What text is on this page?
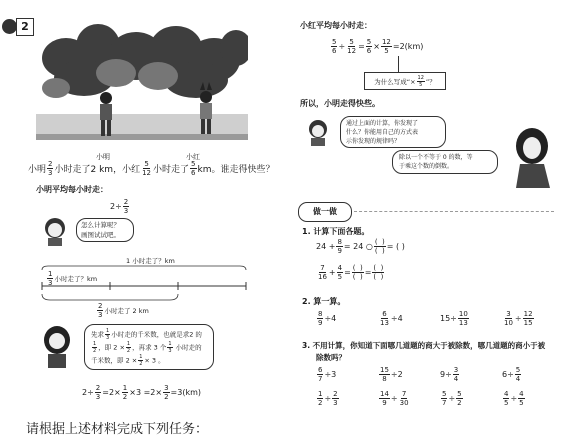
2
小明	小红
小明 $\frac{2}{3}$ 小时走了 2 km， 小红 $\frac{5}{12}$ 小时走了 $\frac{5}{6}$ km。谁走得快些？
小明平均每小时走：
$2\div \frac{2}{3}$
怎么计算呢？
画图试试吧。
1 小时走了？km
$\frac{1}{3}$ 小时走了？km
$\frac{2}{3}$ 小时走了 2 km
先求 $\frac{1}{3}$ 小时走的千米数，也就是求2 的
$\frac{1}{2}$ ，即 $2 \times \frac{1}{2}$ ，再求 3 个 $\frac{1}{3}$ 小时走的千米数，即 $2 \times \frac{1}{2} \times 3$ 。
$2\div \frac{2}{3} =2\times \frac{1}{2} \times 3 =2\times \frac{3}{2} =3(km)$
小红平均每小时走：
$\frac{5}{6} \div \frac{5}{12} = \frac{5}{6} \times \frac{12}{5} =2(km)$
为什么写成“× $\frac{12}{5}$ ”？
所以，小明走得快些。
通过上面的计算，你发现了
什么？你能用自己的方式表
示你发现的规律吗？
除以一个不等于 0 的数，等
于乘这个数的倒数。
做一做
1. 计算下面各题。
$24 + \frac{8}{9} = 24$ ○ $\frac{( )}{( )}$ = ( )
$\frac{7}{16} + \frac{4}{5} = \frac{( )}{( )} = \frac{( )}{( )}$
2. 算一算。
$\frac{8}{9} \div 4$	$\frac{6}{13} \div 4$	$15\div \frac{10}{13}$	$\frac{3}{10} \div \frac{12}{15}$
3. 不用计算，你知道下面哪几道题的商大于被除数，哪几道题的商小于被
除数吗？
$\frac{6}{7} \div 3$	$\frac{15}{8} \div 2$	$9\div \frac{3}{4}$	$6\div \frac{5}{4}$
$\frac{1}{2} \div \frac{2}{3}$	$\frac{14}{9} \div \frac{7}{30}$	$\frac{5}{7} \div \frac{5}{2}$	$\frac{4}{5} \div \frac{4}{5}$
请根据上述材料完成下列任务：
